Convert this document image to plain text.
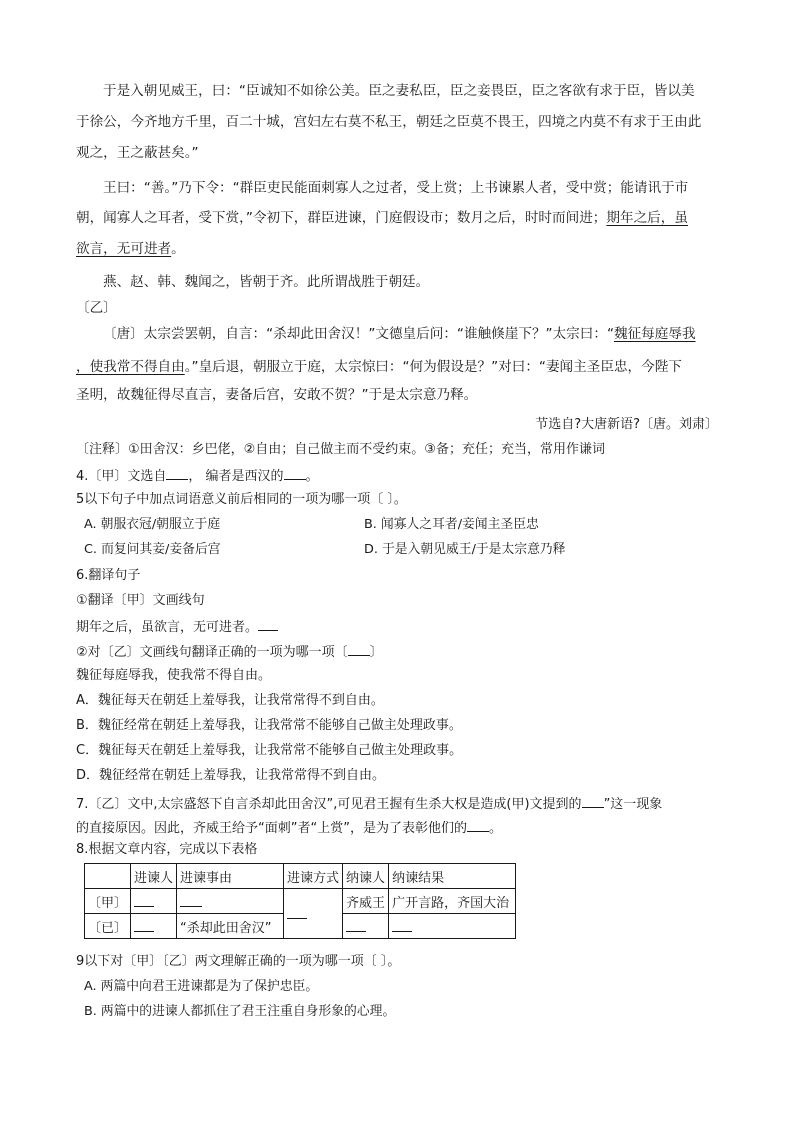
于是入朝见威王，曰：“臣诚知不如徐公美。臣之妻私臣，臣之妾畏臣，臣之客欲有求于臣，皆以美
于徐公，今齐地方千里，百二十城，宫妇左右莫不私王，朝廷之臣莫不畏王，四境之内莫不有求于王由此
观之，王之蔽甚矣。”
王曰：“善。”乃下令：“群臣吏民能面刺寡人之过者，受上赏；上书谏累人者，受中赏；能请讯于市
朝，闻寡人之耳者，受下赏，”令初下，群臣进谏，门庭假设市；数月之后，时时而间进；期年之后，虽
欲言，无可进者。
燕、赵、韩、魏闻之，皆朝于齐。此所谓战胜于朝廷。
〔乙〕
〔唐〕太宗尝罢朝，自言：“杀却此田舍汉！”文德皇后问：“谁触倏崖下？”太宗曰：“魏征每庭辱我
，使我常不得自由。”皇后退，朝服立于庭，太宗惊曰：“何为假设是？”对曰：“妻闻主圣臣忠，今陛下
圣明，故魏征得尽直言，妻备后宫，安敢不贺？”于是太宗意乃释。
节选自?大唐新语?〔唐。刘肃〕
〔注释〕①田舍汉：乡巴佬，②自由；自己做主而不受约束。③备；充任；充当，常用作谦词
4.〔甲〕文选自 ， 编者是西汉的 。
5以下句子中加点词语意义前后相同的一项为哪一项〔 〕。
A. 朝服衣冠/朝服立于庭	B. 闻寡人之耳者/妾闻主圣臣忠
C. 而复问其妾/妾备后宫	D. 于是入朝见威王/于是太宗意乃释
6.翻译句子
①翻译〔甲〕文画线句
期年之后，虽欲言，无可进者。
②对〔乙〕文画线句翻译正确的一项为哪一项〔 〕
魏征每庭辱我，使我常不得自由。
A．魏征每天在朝廷上羞辱我，让我常常得不到自由。
B．魏征经常在朝廷上羞辱我，让我常常不能够自己做主处理政事。
C．魏征每天在朝廷上羞辱我，让我常常不能够自己做主处理政事。
D．魏征经常在朝廷上羞辱我，让我常常得不到自由。
7.〔乙〕文中,太宗盛怒下自言杀却此田舍汉”,可见君王握有生杀大权是造成(甲)文提到的 ”这一现象
的直接原因。因此，齐威王给予“面刺”者“上赏”，是为了表彰他们的 。
8.根据文章内容，完成以下表格
	进谏人	进谏事由	进谏方式	纳谏人	纳谏结果
〔甲〕				齐威王	广开言路，齐国大治
〔已〕		“杀却此田舍汉”			
9以下对〔甲〕〔乙〕两文理解正确的一项为哪一项〔 〕。
A. 两篇中向君王进谏都是为了保护忠臣。
B. 两篇中的进谏人都抓住了君王注重自身形象的心理。
